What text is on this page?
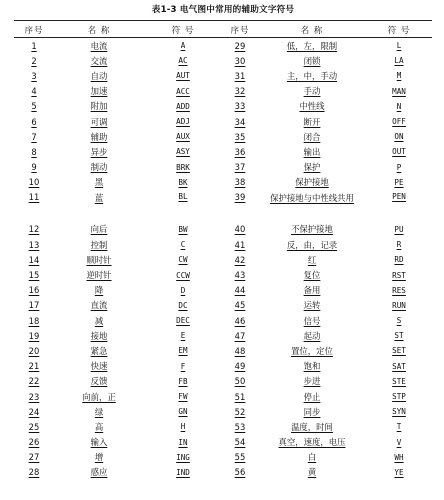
表1-3 电气图中常用的辅助文字符号
序号	名 称	符 号	序号	名 称	符 号
1	电流	A	29	低，左，限制	L
2	交流	AC	30	闭锁	LA
3	自动	AUT	31	主，中，手动	M
4	加速	ACC	32	手动	MAN
5	附加	ADD	33	中性线	N
6	可调	ADJ	34	断开	OFF
7	辅助	AUX	35	闭合	ON
8	异步	ASY	36	输出	OUT
9	制动	BRK	37	保护	P
10	黑	BK	38	保护接地	PE
11	蓝	BL	39	保护接地与中性线共用	PEN
12	向后	BW	40	不保护接地	PU
13	控制	C	41	反，由，记录	R
14	顺时针	CW	42	红	RD
15	逆时针	CCW	43	复位	RST
16	降	D	44	备用	RES
17	直流	DC	45	运转	RUN
18	减	DEC	46	信号	S
19	接地	E	47	起动	ST
20	紧急	EM	48	置位，定位	SET
21	快速	F	49	饱和	SAT
22	反馈	FB	50	步进	STE
23	向前，正	FW	51	停止	STP
24	绿	GN	52	同步	SYN
25	高	H	53	温度，时间	T
26	输入	IN	54	真空，速度，电压	V
27	增	ING	55	白	WH
28	感应	IND	56	黄	YE
